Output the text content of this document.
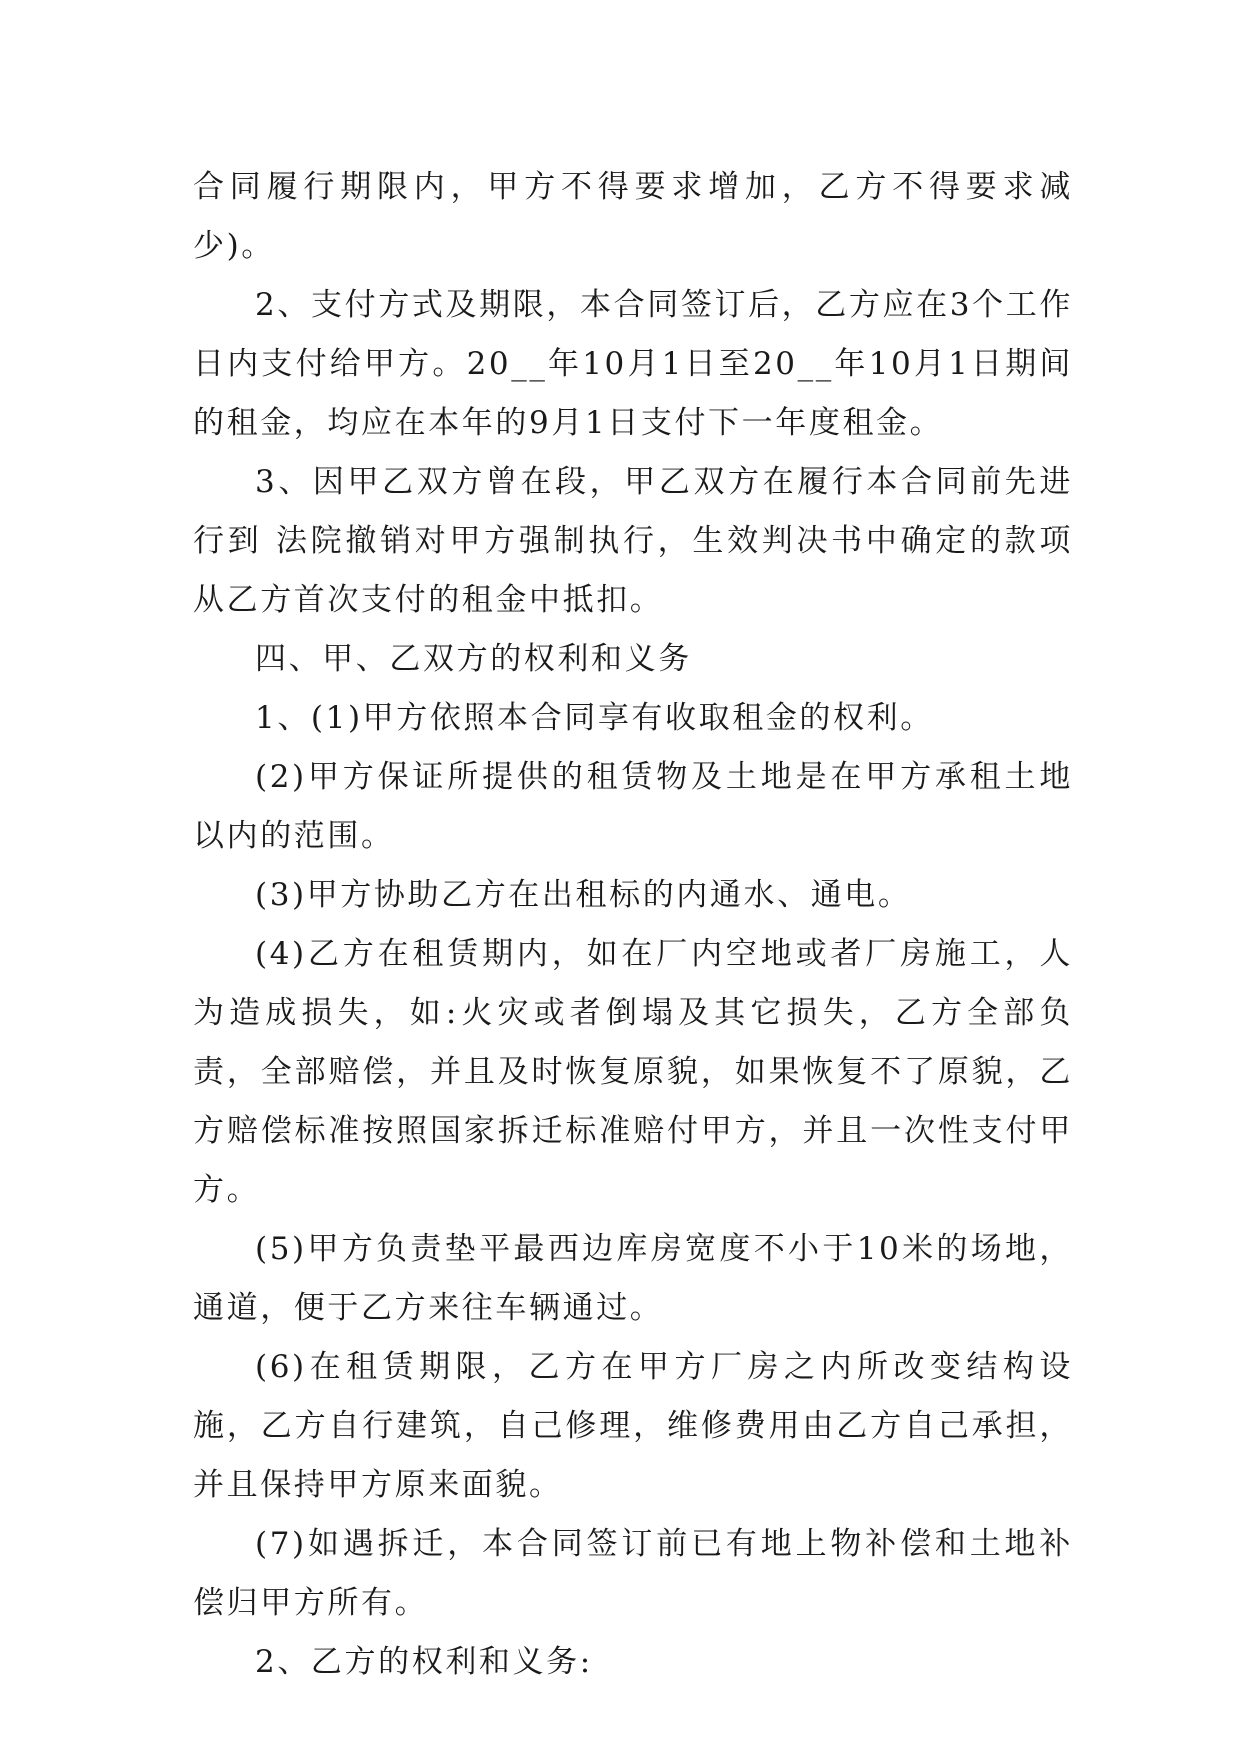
合同履行期限内，甲方不得要求增加，乙方不得要求减少)。

2、支付方式及期限，本合同签订后，乙方应在3个工作日内支付给甲方。20__年10月1日至20__年10月1日期间的租金，均应在本年的9月1日支付下一年度租金。

3、因甲乙双方曾在段，甲乙双方在履行本合同前先进行到 法院撤销对甲方强制执行，生效判决书中确定的款项从乙方首次支付的租金中抵扣。

四、甲、乙双方的权利和义务

1、(1)甲方依照本合同享有收取租金的权利。

(2)甲方保证所提供的租赁物及土地是在甲方承租土地以内的范围。

(3)甲方协助乙方在出租标的内通水、通电。

(4)乙方在租赁期内，如在厂内空地或者厂房施工，人为造成损失，如:火灾或者倒塌及其它损失，乙方全部负责，全部赔偿，并且及时恢复原貌，如果恢复不了原貌，乙方赔偿标准按照国家拆迁标准赔付甲方，并且一次性支付甲方。

(5)甲方负责垫平最西边库房宽度不小于10米的场地，通道，便于乙方来往车辆通过。

(6)在租赁期限，乙方在甲方厂房之内所改变结构设施，乙方自行建筑，自己修理，维修费用由乙方自己承担，并且保持甲方原来面貌。

(7)如遇拆迁，本合同签订前已有地上物补偿和土地补偿归甲方所有。

2、乙方的权利和义务:
